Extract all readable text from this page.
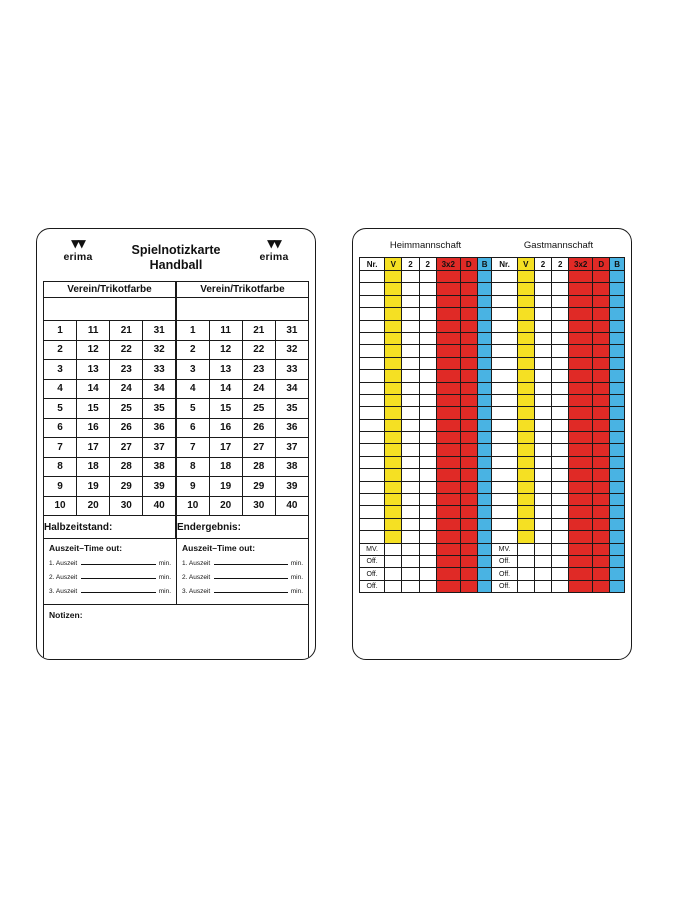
▾▾
erima	Spielnotizkarte
Handball
▾▾
erima
Verein/Trikotfarbe				Verein/Trikotfarbe			

1	11	21	31	1	11	21	31
2	12	22	32	2	12	22	32
3	13	23	33	3	13	23	33
4	14	24	34	4	14	24	34
5	15	25	35	5	15	25	35
6	16	26	36	6	16	26	36
7	17	27	37	7	17	27	37
8	18	28	38	8	18	28	38
9	19	29	39	9	19	29	39
10	20	30	40	10	20	30	40
Halbzeitstand:				Endergebnis:			
Auszeit–Time out:
1. Auszeit	min.
2. Auszeit	min.
3. Auszeit	min.
Auszeit–Time out:
1. Auszeit	min.
2. Auszeit	min.
3. Auszeit	min.
Notizen:
Heimmannschaft	Gastmannschaft
Nr.	V	2	2	3x2	D	B	Nr.	V	2	2	3x2	D	B

MV.							MV.						
Off.							Off.						
Off.							Off.						
Off.							Off.						
